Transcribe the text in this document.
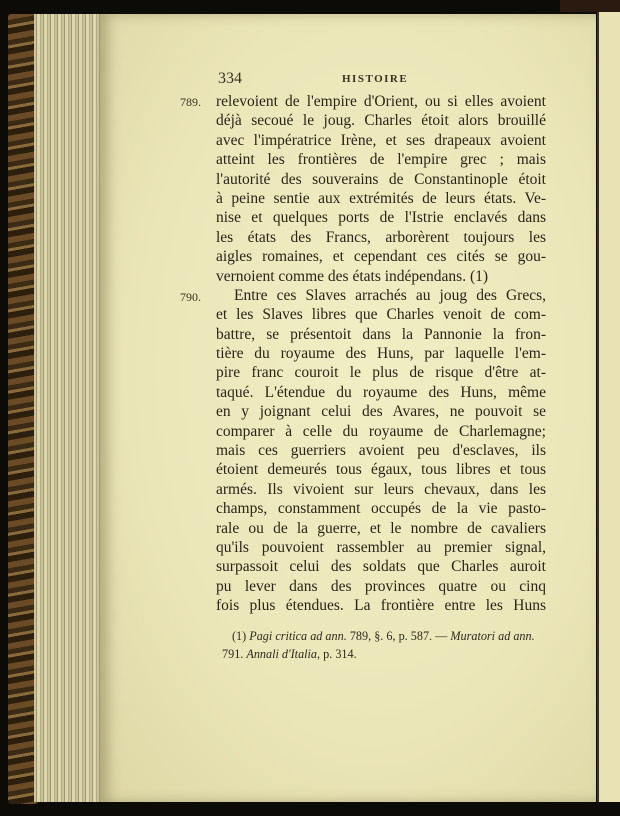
334	HISTOIRE
789.
790.
relevoient de l'empire d'Orient, ou si elles avoient
déjà secoué le joug. Charles étoit alors brouillé
avec l'impératrice Irène, et ses drapeaux avoient
atteint les frontières de l'empire grec ; mais
l'autorité des souverains de Constantinople étoit
à peine sentie aux extrémités de leurs états. Ve-
nise et quelques ports de l'Istrie enclavés dans
les états des Francs, arborèrent toujours les
aigles romaines, et cependant ces cités se gou-
vernoient comme des états indépendans. (1)
Entre ces Slaves arrachés au joug des Grecs,
et les Slaves libres que Charles venoit de com-
battre, se présentoit dans la Pannonie la fron-
tière du royaume des Huns, par laquelle l'em-
pire franc couroit le plus de risque d'être at-
taqué. L'étendue du royaume des Huns, même
en y joignant celui des Avares, ne pouvoit se
comparer à celle du royaume de Charlemagne;
mais ces guerriers avoient peu d'esclaves, ils
étoient demeurés tous égaux, tous libres et tous
armés. Ils vivoient sur leurs chevaux, dans les
champs, constamment occupés de la vie pasto-
rale ou de la guerre, et le nombre de cavaliers
qu'ils pouvoient rassembler au premier signal,
surpassoit celui des soldats que Charles auroit
pu lever dans des provinces quatre ou cinq
fois plus étendues. La frontière entre les Huns
(1) Pagi critica ad ann. 789, §. 6, p. 587. — Muratori ad ann.
791. Annali d'Italia, p. 314.
